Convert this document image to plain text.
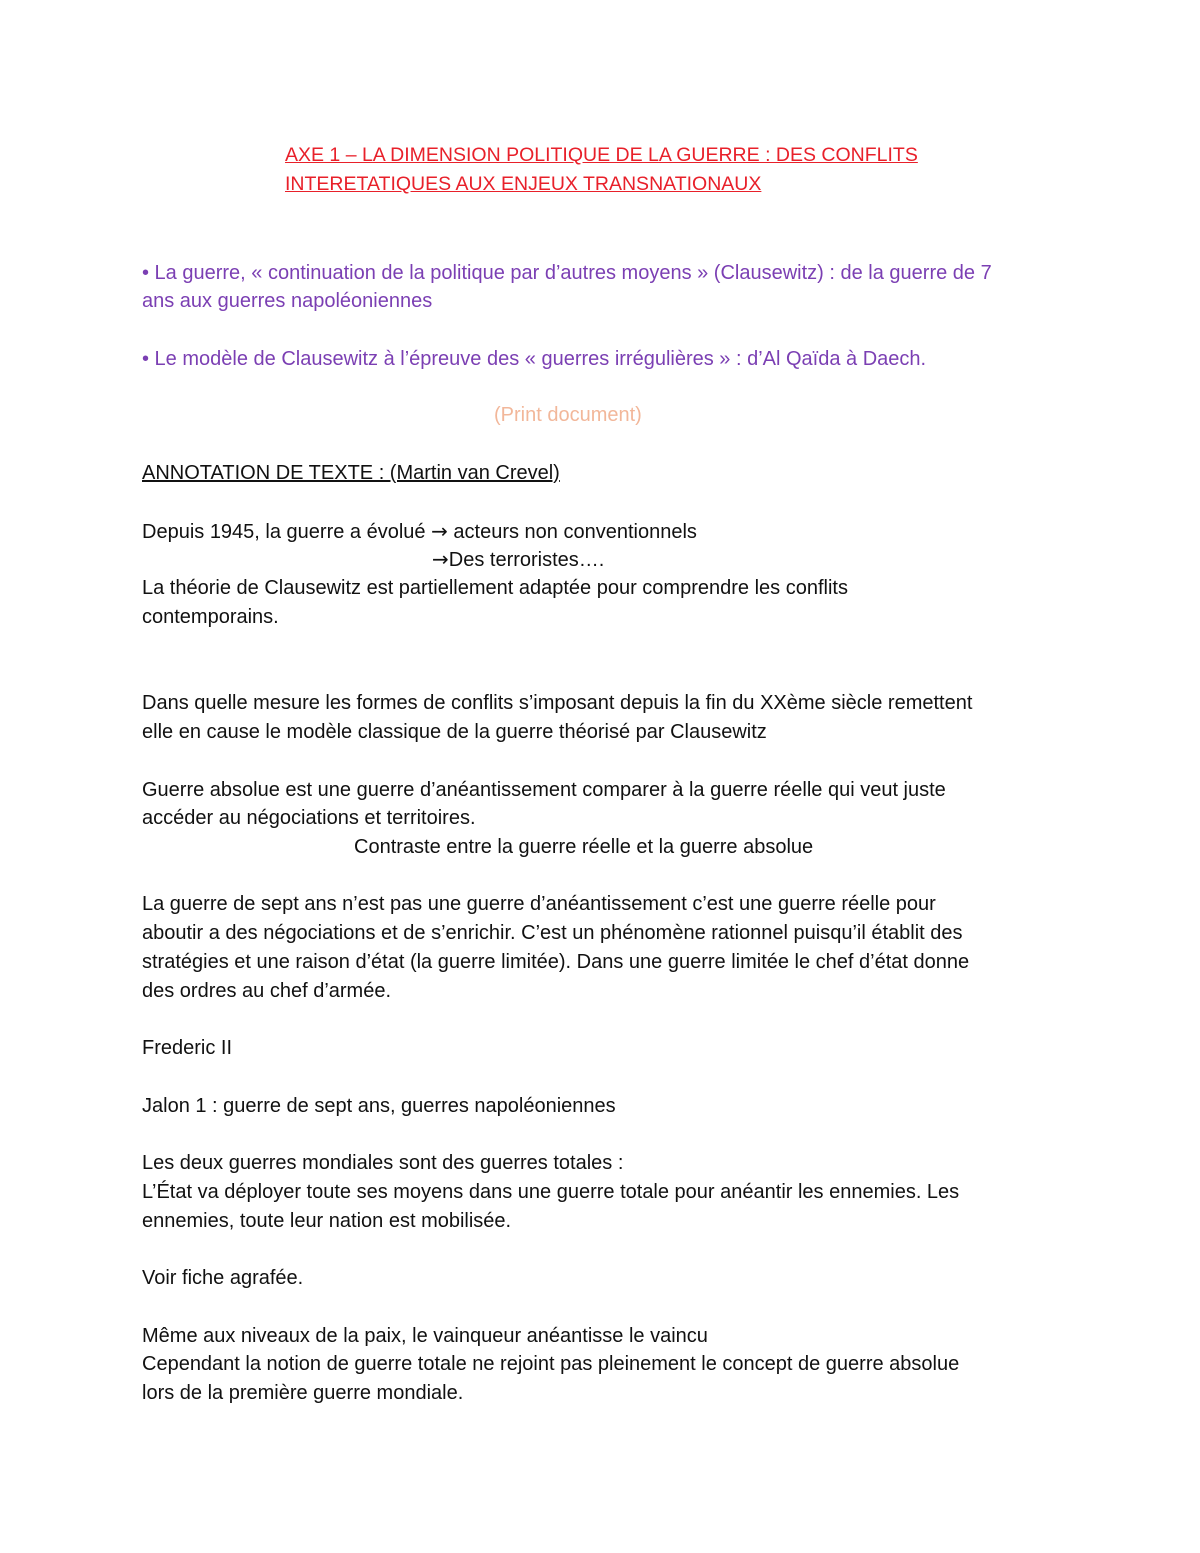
AXE 1 – LA DIMENSION POLITIQUE DE LA GUERRE : DES CONFLITS
INTERETATIQUES AUX ENJEUX TRANSNATIONAUX
• La guerre, « continuation de la politique par d’autres moyens » (Clausewitz) : de la guerre de 7
ans aux guerres napoléoniennes
• Le modèle de Clausewitz à l’épreuve des « guerres irrégulières » : d’Al Qaïda à Daech.
(Print document)
ANNOTATION DE TEXTE : (Martin van Crevel)
Depuis 1945, la guerre a évolué → acteurs non conventionnels
→Des terroristes….
La théorie de Clausewitz est partiellement adaptée pour comprendre les conflits
contemporains.
Dans quelle mesure les formes de conflits s’imposant depuis la fin du XXème siècle remettent
elle en cause le modèle classique de la guerre théorisé par Clausewitz
Guerre absolue est une guerre d’anéantissement comparer à la guerre réelle qui veut juste
accéder au négociations et territoires.
Contraste entre la guerre réelle et la guerre absolue
La guerre de sept ans n’est pas une guerre d’anéantissement c’est une guerre réelle pour
aboutir a des négociations et de s’enrichir. C’est un phénomène rationnel puisqu’il établit des
stratégies et une raison d’état (la guerre limitée). Dans une guerre limitée le chef d’état donne
des ordres au chef d’armée.
Frederic II
Jalon 1 : guerre de sept ans, guerres napoléoniennes
Les deux guerres mondiales sont des guerres totales :
L’État va déployer toute ses moyens dans une guerre totale pour anéantir les ennemies. Les
ennemies, toute leur nation est mobilisée.
Voir fiche agrafée.
Même aux niveaux de la paix, le vainqueur anéantisse le vaincu
Cependant la notion de guerre totale ne rejoint pas pleinement le concept de guerre absolue
lors de la première guerre mondiale.
